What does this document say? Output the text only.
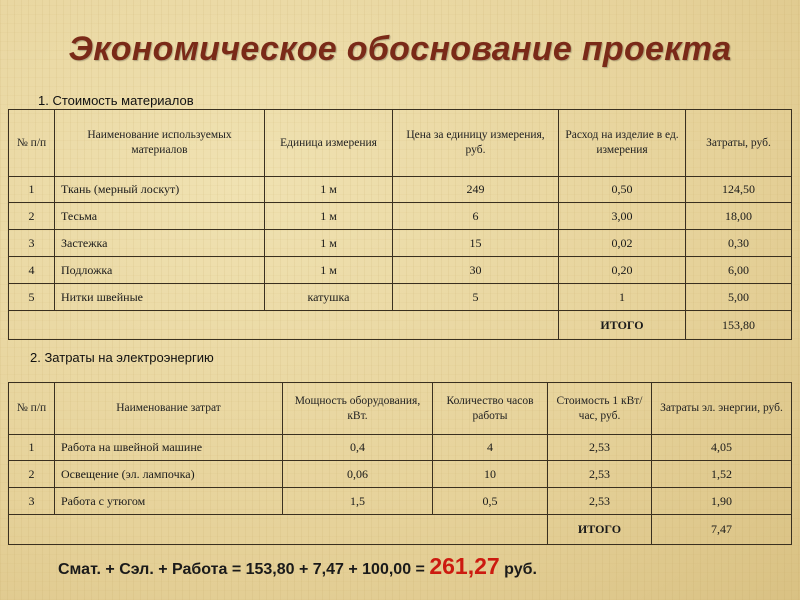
Экономическое обоснование проекта
1. Стоимость материалов
№ п/п	Наименование используемых материалов	Единица измерения	Цена за единицу измерения, руб.	Расход на изделие в ед. измерения	Затраты, руб.
1	Ткань (мерный лоскут)	1 м	249	0,50	124,50
2	Тесьма	1 м	6	3,00	18,00
3	Застежка	1 м	15	0,02	0,30
4	Подложка	1 м	30	0,20	6,00
5	Нитки швейные	катушка	5	1	5,00
				ИТОГО	153,80
2. Затраты на электроэнергию
№ п/п	Наименование затрат	Мощность оборудования, кВт.	Количество часов работы	Стоимость 1 кВт/час, руб.	Затраты эл. энергии, руб.
1	Работа на швейной машине	0,4	4	2,53	4,05
2	Освещение (эл. лампочка)	0,06	10	2,53	1,52
3	Работа с утюгом	1,5	0,5	2,53	1,90
				ИТОГО	7,47
Смат. + Сэл. + Работа = 153,80 + 7,47 + 100,00 = 261,27 руб.
